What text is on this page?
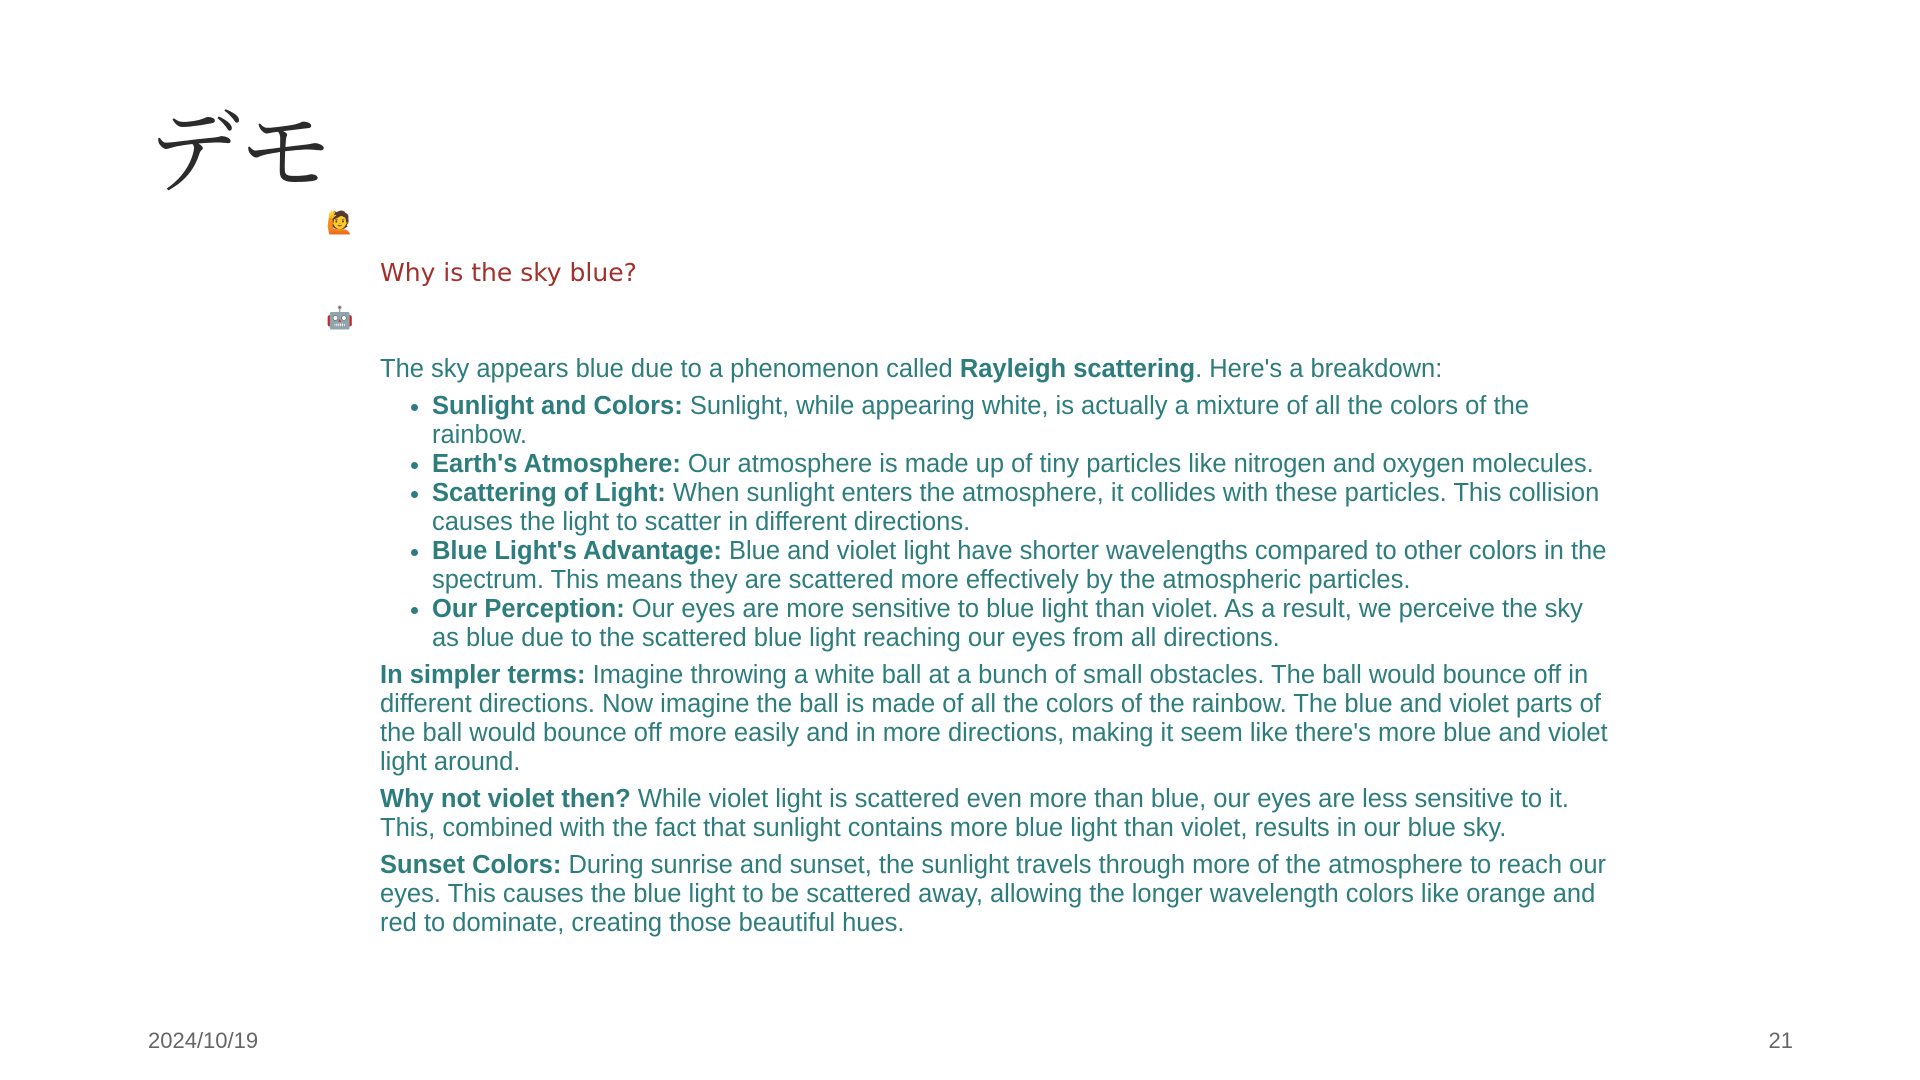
デモ
🙋

Why is the sky blue?

🤖

The sky appears blue due to a phenomenon called Rayleigh scattering. Here's a breakdown:

• Sunlight and Colors: Sunlight, while appearing white, is actually a mixture of all the colors of the rainbow.
• Earth's Atmosphere: Our atmosphere is made up of tiny particles like nitrogen and oxygen molecules.
• Scattering of Light: When sunlight enters the atmosphere, it collides with these particles. This collision causes the light to scatter in different directions.
• Blue Light's Advantage: Blue and violet light have shorter wavelengths compared to other colors in the spectrum. This means they are scattered more effectively by the atmospheric particles.
• Our Perception: Our eyes are more sensitive to blue light than violet. As a result, we perceive the sky as blue due to the scattered blue light reaching our eyes from all directions.

In simpler terms: Imagine throwing a white ball at a bunch of small obstacles. The ball would bounce off in different directions. Now imagine the ball is made of all the colors of the rainbow. The blue and violet parts of the ball would bounce off more easily and in more directions, making it seem like there's more blue and violet light around.

Why not violet then? While violet light is scattered even more than blue, our eyes are less sensitive to it. This, combined with the fact that sunlight contains more blue light than violet, results in our blue sky.

Sunset Colors: During sunrise and sunset, the sunlight travels through more of the atmosphere to reach our eyes. This causes the blue light to be scattered away, allowing the longer wavelength colors like orange and red to dominate, creating those beautiful hues.

2024/10/19	21
